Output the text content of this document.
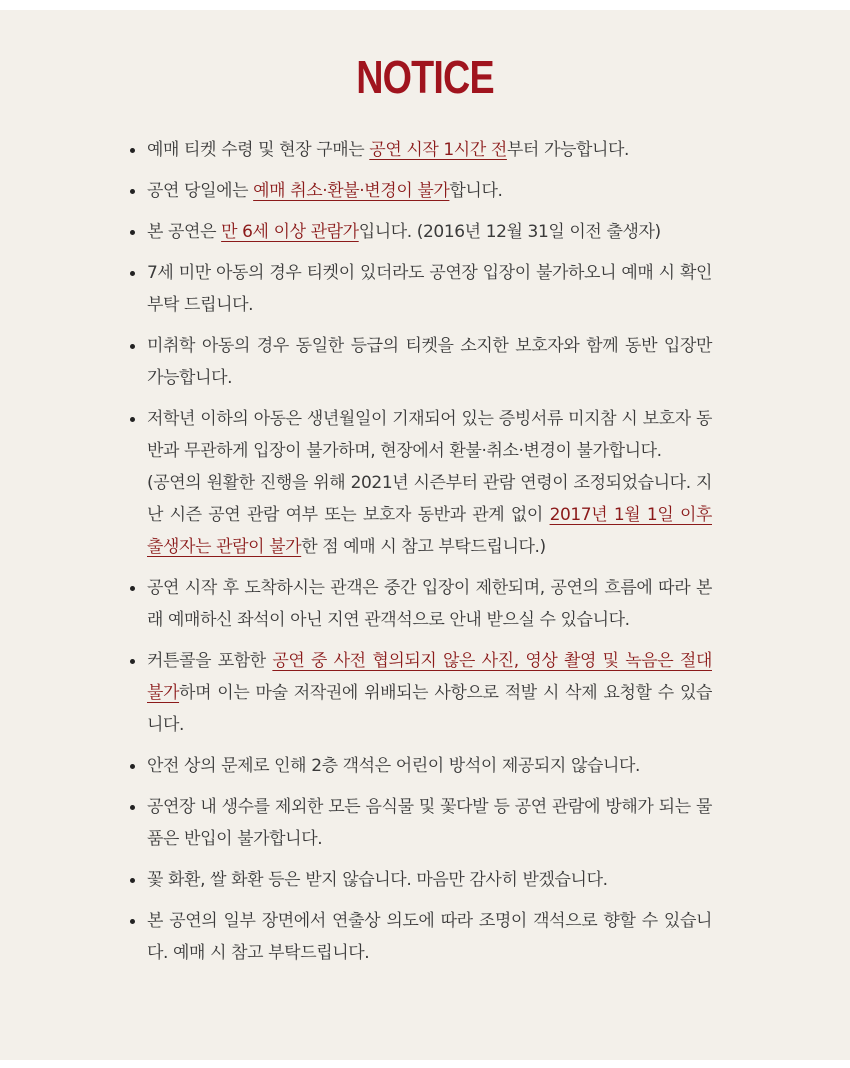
NOTICE
예매 티켓 수령 및 현장 구매는 공연 시작 1시간 전부터 가능합니다.
공연 당일에는 예매 취소·환불·변경이 불가합니다.
본 공연은 만 6세 이상 관람가입니다. (2016년 12월 31일 이전 출생자)
7세 미만 아동의 경우 티켓이 있더라도 공연장 입장이 불가하오니 예매 시 확인 부탁 드립니다.
미취학 아동의 경우 동일한 등급의 티켓을 소지한 보호자와 함께 동반 입장만 가능합니다.
저학년 이하의 아동은 생년월일이 기재되어 있는 증빙서류 미지참 시 보호자 동반과 무관하게 입장이 불가하며, 현장에서 환불·취소·변경이 불가합니다.
(공연의 원활한 진행을 위해 2021년 시즌부터 관람 연령이 조정되었습니다. 지난 시즌 공연 관람 여부 또는 보호자 동반과 관계 없이 2017년 1월 1일 이후 출생자는 관람이 불가한 점 예매 시 참고 부탁드립니다.)
공연 시작 후 도착하시는 관객은 중간 입장이 제한되며, 공연의 흐름에 따라 본래 예매하신 좌석이 아닌 지연 관객석으로 안내 받으실 수 있습니다.
커튼콜을 포함한 공연 중 사전 협의되지 않은 사진, 영상 촬영 및 녹음은 절대 불가하며 이는 마술 저작권에 위배되는 사항으로 적발 시 삭제 요청할 수 있습니다.
안전 상의 문제로 인해 2층 객석은 어린이 방석이 제공되지 않습니다.
공연장 내 생수를 제외한 모든 음식물 및 꽃다발 등 공연 관람에 방해가 되는 물품은 반입이 불가합니다.
꽃 화환, 쌀 화환 등은 받지 않습니다. 마음만 감사히 받겠습니다.
본 공연의 일부 장면에서 연출상 의도에 따라 조명이 객석으로 향할 수 있습니다. 예매 시 참고 부탁드립니다.
